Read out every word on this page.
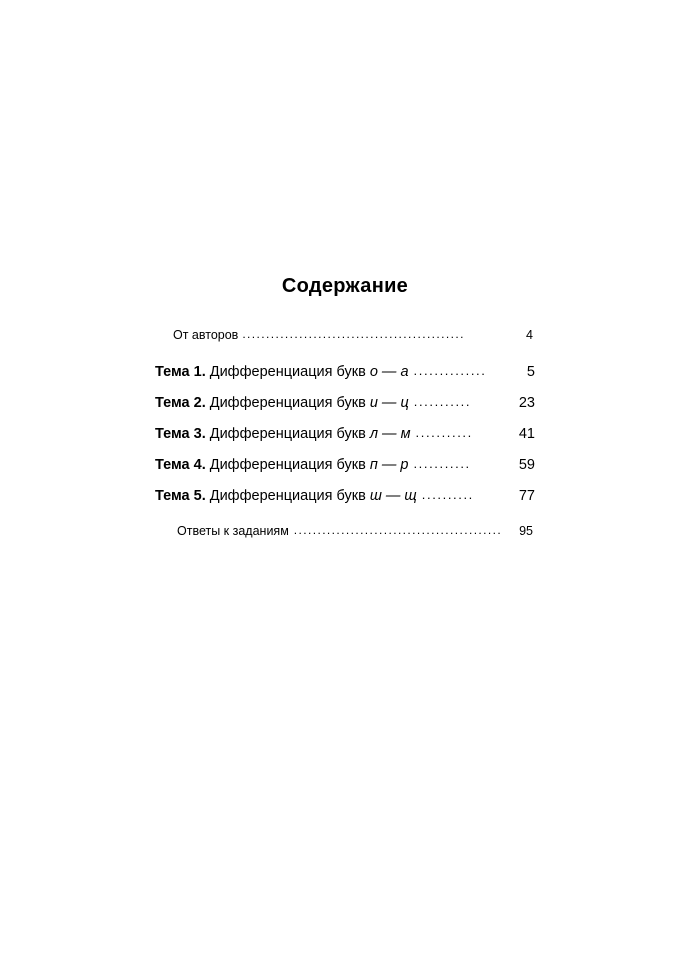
Содержание
От авторов ...............................................	4
Тема 1. Дифференциация букв о — а ..............	5
Тема 2. Дифференциация букв и — ц ...........	23
Тема 3. Дифференциация букв л — м ...........	41
Тема 4. Дифференциация букв п — р ...........	59
Тема 5. Дифференциация букв ш — щ ..........	77
Ответы к заданиям ............................................	95
